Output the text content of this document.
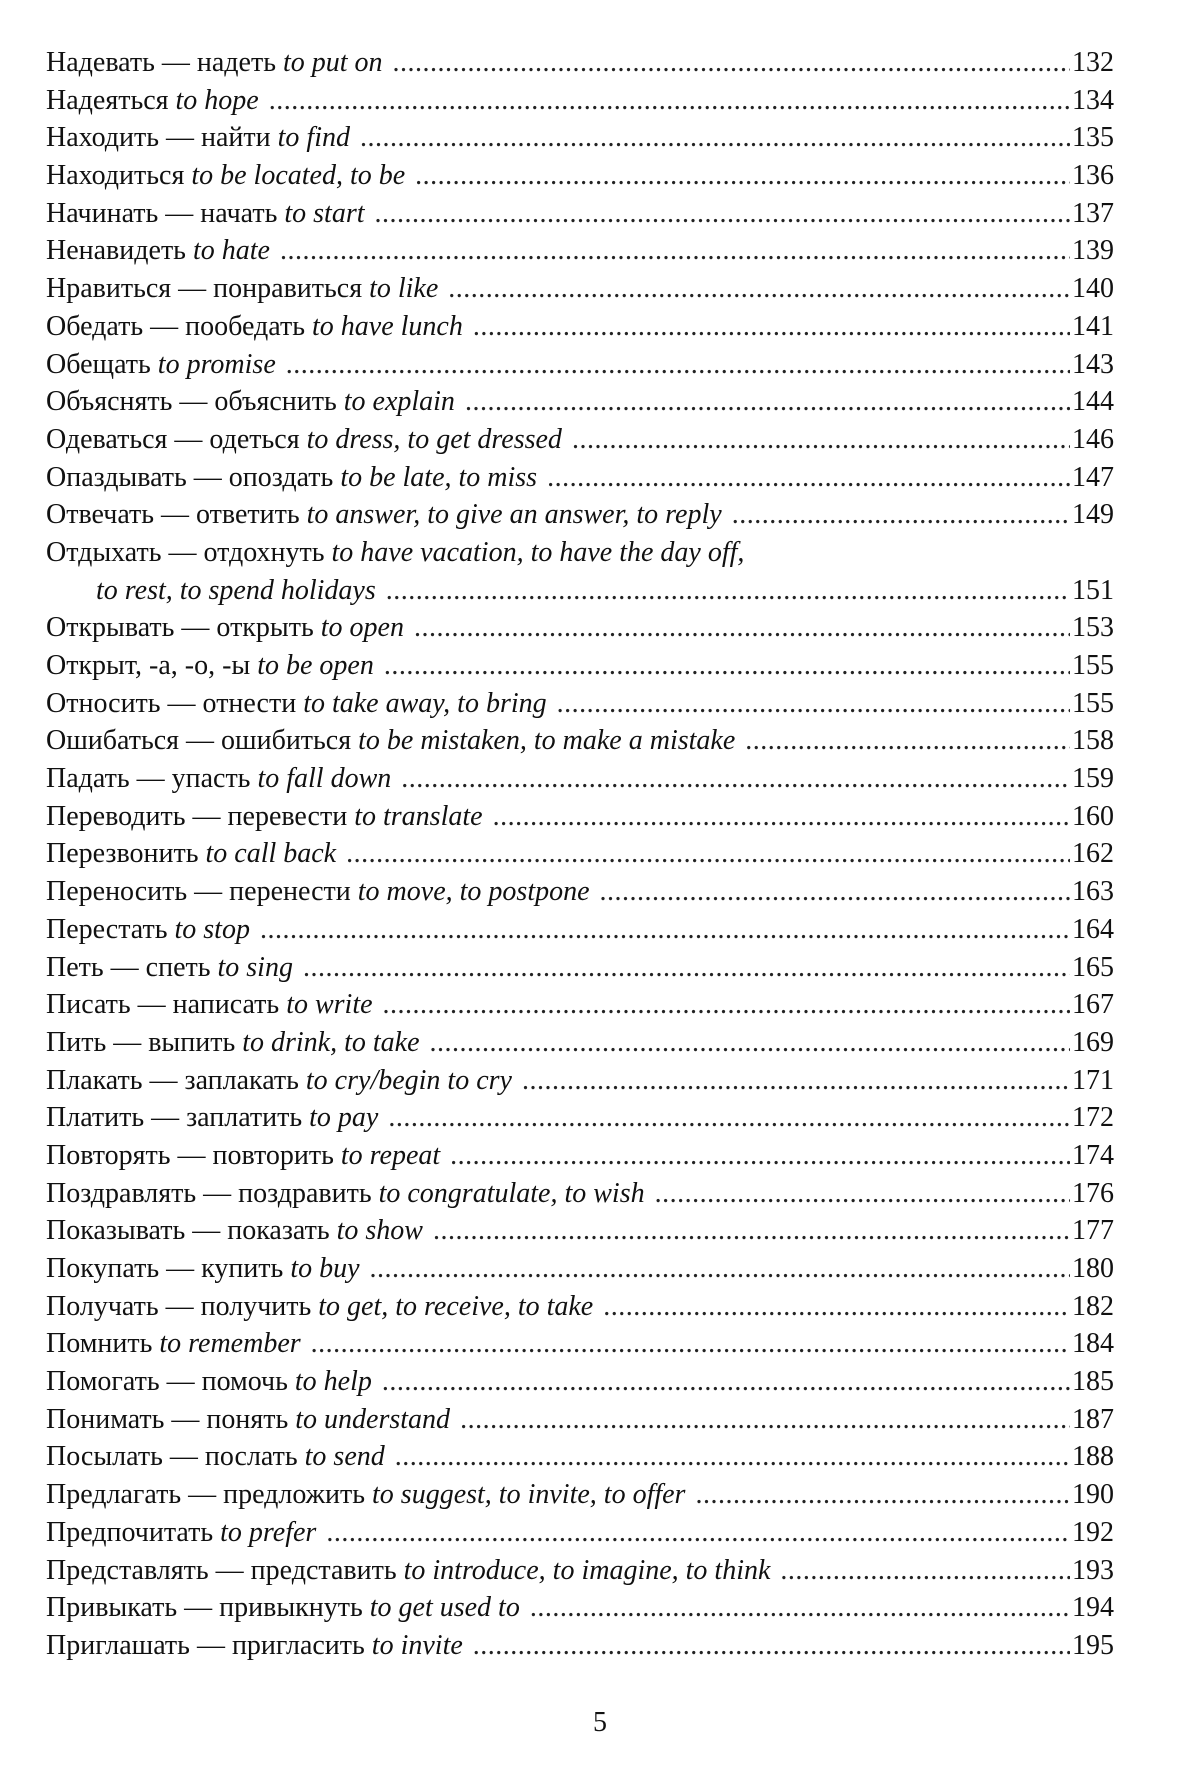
Надевать — надеть to put on .....	132
Надеяться to hope .....	134
Находить — найти to find .....	135
Находиться to be located, to be .....	136
Начинать — начать to start .....	137
Ненавидеть to hate .....	139
Нравиться — понравиться to like .....	140
Обедать — пообедать to have lunch .....	141
Обещать to promise .....	143
Объяснять — объяснить to explain .....	144
Одеваться — одеться to dress, to get dressed .....	146
Опаздывать — опоздать to be late, to miss .....	147
Отвечать — ответить to answer, to give an answer, to reply .....	149
Отдыхать — отдохнуть to have vacation, to have the day off,
to rest, to spend holidays .....	151
Открывать — открыть to open .....	153
Открыт, -а, -о, -ы to be open .....	155
Относить — отнести to take away, to bring .....	155
Ошибаться — ошибиться to be mistaken, to make a mistake .....	158
Падать — упасть to fall down .....	159
Переводить — перевести to translate .....	160
Перезвонить to call back .....	162
Переносить — перенести to move, to postpone .....	163
Перестать to stop .....	164
Петь — спеть to sing .....	165
Писать — написать to write .....	167
Пить — выпить to drink, to take .....	169
Плакать — заплакать to cry/begin to cry .....	171
Платить — заплатить to pay .....	172
Повторять — повторить to repeat .....	174
Поздравлять — поздравить to congratulate, to wish .....	176
Показывать — показать to show .....	177
Покупать — купить to buy .....	180
Получать — получить to get, to receive, to take .....	182
Помнить to remember .....	184
Помогать — помочь to help .....	185
Понимать — понять to understand .....	187
Посылать — послать to send .....	188
Предлагать — предложить to suggest, to invite, to offer .....	190
Предпочитать to prefer .....	192
Представлять — представить to introduce, to imagine, to think .....	193
Привыкать — привыкнуть to get used to .....	194
Приглашать — пригласить to invite .....	195
5
